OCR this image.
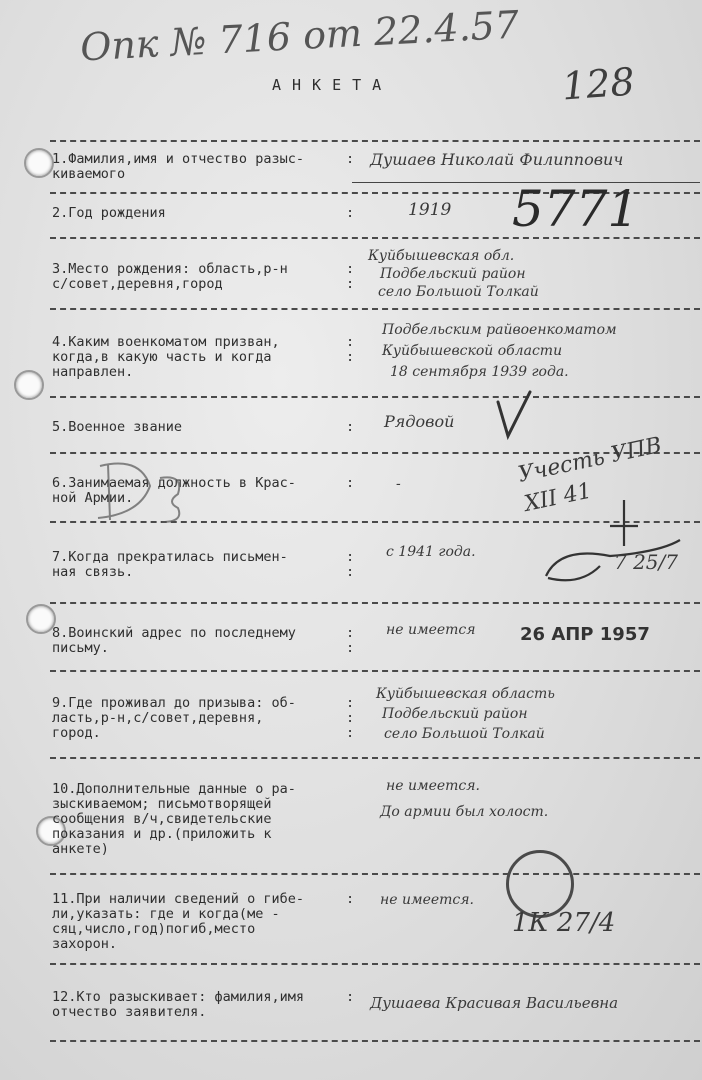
Опк № 716 от 22.4.57
128
АНКЕТА
1.Фамилия,имя и отчество разыс-
киваемого
: Душаев Николай Филиппович
2.Год рождения	:	1919 5771
3.Место рождения: область,р-н
с/совет,деревня,город
:
:
Куйбышевская обл.
Подбельский район
село Большой Толкай
4.Каким военкоматом призван,
когда,в какую часть и когда
направлен.
:
:
Подбельским райвоенкоматом
Куйбышевской области
18 сентября 1939 года.
5.Военное звание	: Рядовой
6.Занимаемая должность в Крас-
ной Армии.
:	-	Учесть УПВ XII 41
7.Когда прекратилась письмен-
ная связь.
:
:
с 1941 года.	7 25/7
8.Воинский адрес по последнему
письму.
:
:
не имеется 26 АПР 1957
9.Где проживал до призыва: об-
ласть,р-н,с/совет,деревня,
город.
:
:
:
Куйбышевская область
Подбельский район
село Большой Толкай
10.Дополнительные данные о ра-
зыскиваемом; письмотворящей
сообщения в/ч,свидетельские
показания и др.(приложить к
анкете)
не имеется.
До армии был холост.
11.При наличии сведений о гибе-
ли,указать: где и когда(ме -
сяц,число,год)погиб,место
захорон.
: не имеется.
1К 27/4
12.Кто разыскивает: фамилия,имя
отчество заявителя.
: Душаева Красивая Васильевна
